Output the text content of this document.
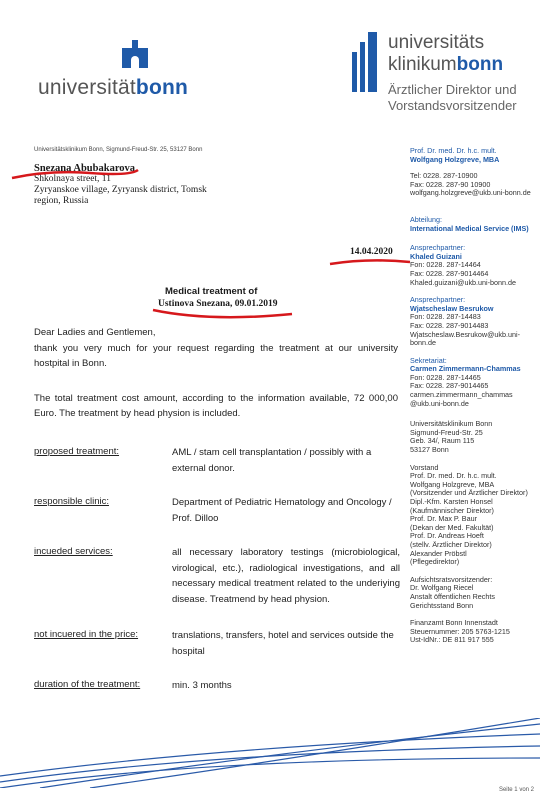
universitätbonn
universitäts
klinikumbonn
Ärztlicher Direktor und
Vorstandsvorsitzender
Universitätsklinikum Bonn, Sigmund-Freud-Str. 25, 53127 Bonn
Snezana Abubakarova
Shkolnaya street, 11
Zyryanskoe village, Zyryansk district, Tomsk
region, Russia
Prof. Dr. med. Dr. h.c. mult.
Wolfgang Holzgreve, MBA
Tel: 0228. 287-10900
Fax: 0228. 287-90 10900
wolfgang.holzgreve@ukb.uni-bonn.de
Abteilung:
International Medical Service (IMS)
Ansprechpartner:
Khaled Guizani
Fon: 0228. 287-14464
Fax: 0228. 287-9014464
Khaled.guizani@ukb.uni-bonn.de
Ansprechpartner:
Wjatscheslaw Besrukow
Fon: 0228. 287-14483
Fax: 0228. 287-9014483
Wjatscheslaw.Besrukow@ukb.uni-
bonn.de
Sekretariat:
Carmen Zimmermann-Chammas
Fon: 0228. 287-14465
Fax: 0228. 287-9014465
carmen.zimmermann_chammas
@ukb.uni-bonn.de
Universitätsklinikum Bonn
Sigmund-Freud-Str. 25
Geb. 34/, Raum 115
53127 Bonn
Vorstand
Prof. Dr. med. Dr. h.c. mult.
Wolfgang Holzgreve, MBA
(Vorsitzender und Ärztlicher Direktor)
Dipl.-Kfm. Karsten Honsel
(Kaufmännischer Direktor)
Prof. Dr. Max P. Baur
(Dekan der Med. Fakultät)
Prof. Dr. Andreas Hoeft
(stellv. Ärztlicher Direktor)
Alexander Pröbstl
(Pflegedirektor)
Aufsichtsratsvorsitzender:
Dr. Wolfgang Riecel
Anstalt öffentlichen Rechts
Gerichtsstand Bonn
Finanzamt Bonn Innenstadt
Steuernummer: 205 5763-1215
Ust-IdNr.: DE 811 917 555
14.04.2020
Medical treatment of
Ustinova Snezana, 09.01.2019
Dear Ladies and Gentlemen,
thank you very much for your request regarding the treatment at our university hostpital in Bonn.
The total treatment cost amount, according to the information available, 72 000,00 Euro. The treatment by head physion is included.
proposed treatment:	AML / stam cell transplantation / possibly with a external donor.
responsible clinic:	Department of Pediatric Hematology and Oncology / Prof. Dilloo
incueded services:	all necessary laboratory testings (microbiological, virological, etc.), radiological investigations, and all necessary medical treatment related to the underiying disease. Treatmend by head physion.
not incuered in the price:	translations, transfers, hotel and services outside the hospital
duration of the treatment:	min. 3 months
Seite 1 von 2
